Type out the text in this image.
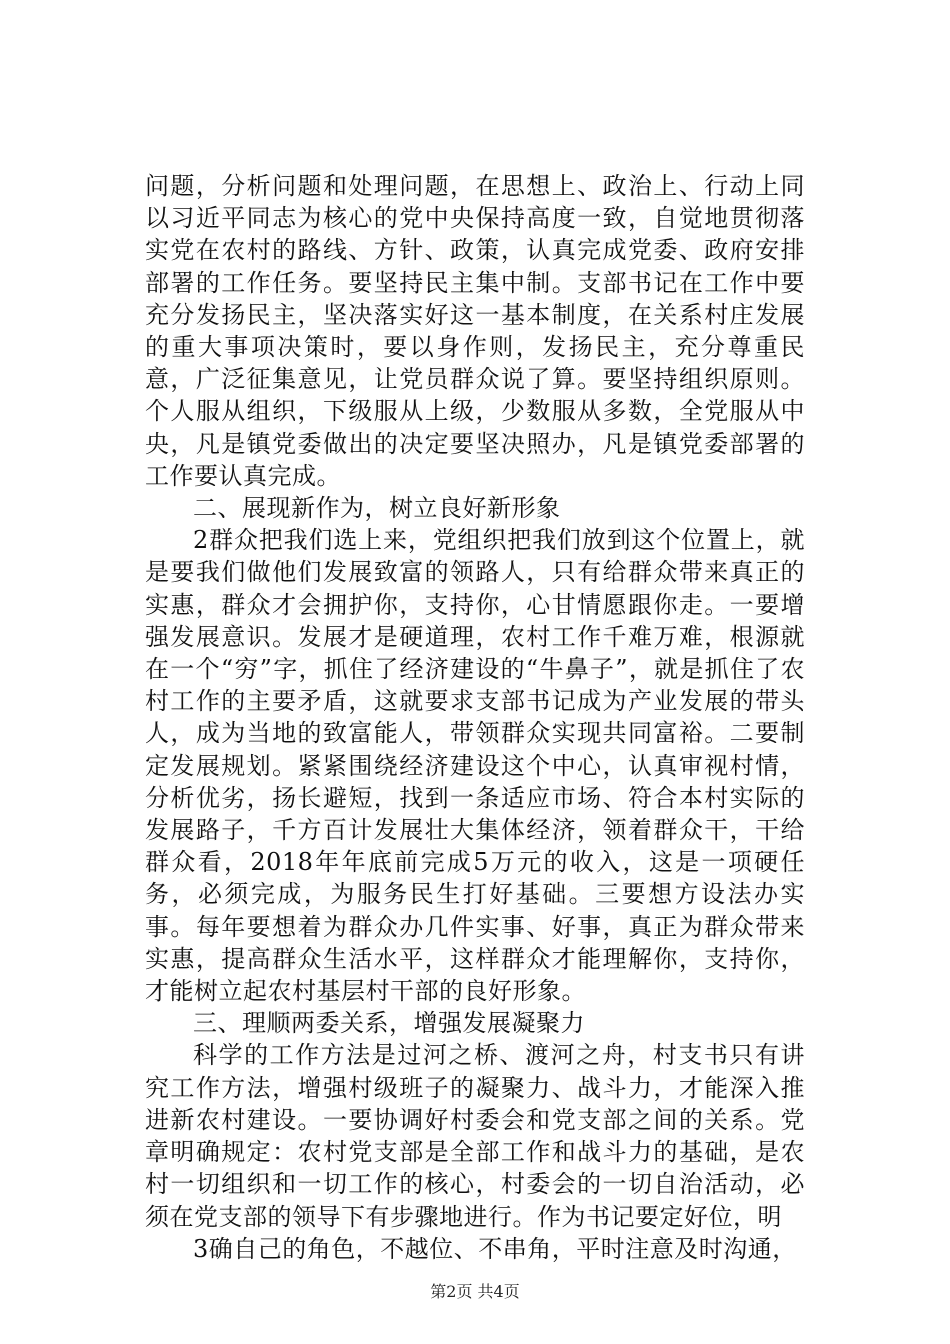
问题，分析问题和处理问题，在思想上、政治上、行动上同以习近平同志为核心的党中央保持高度一致，自觉地贯彻落实党在农村的路线、方针、政策，认真完成党委、政府安排部署的工作任务。要坚持民主集中制。支部书记在工作中要充分发扬民主，坚决落实好这一基本制度，在关系村庄发展的重大事项决策时，要以身作则，发扬民主，充分尊重民意，广泛征集意见，让党员群众说了算。要坚持组织原则。个人服从组织，下级服从上级，少数服从多数，全党服从中央，凡是镇党委做出的决定要坚决照办，凡是镇党委部署的工作要认真完成。

二、展现新作为，树立良好新形象

2群众把我们选上来，党组织把我们放到这个位置上，就是要我们做他们发展致富的领路人，只有给群众带来真正的实惠，群众才会拥护你，支持你，心甘情愿跟你走。一要增强发展意识。发展才是硬道理，农村工作千难万难，根源就在一个“穷”字，抓住了经济建设的“牛鼻子”，就是抓住了农村工作的主要矛盾，这就要求支部书记成为产业发展的带头人，成为当地的致富能人，带领群众实现共同富裕。二要制定发展规划。紧紧围绕经济建设这个中心，认真审视村情，分析优劣，扬长避短，找到一条适应市场、符合本村实际的发展路子，千方百计发展壮大集体经济，领着群众干，干给群众看，2018年年底前完成5万元的收入，这是一项硬任务，必须完成，为服务民生打好基础。三要想方设法办实事。每年要想着为群众办几件实事、好事，真正为群众带来实惠，提高群众生活水平，这样群众才能理解你，支持你，才能树立起农村基层村干部的良好形象。

三、理顺两委关系，增强发展凝聚力

科学的工作方法是过河之桥、渡河之舟，村支书只有讲究工作方法，增强村级班子的凝聚力、战斗力，才能深入推进新农村建设。一要协调好村委会和党支部之间的关系。党章明确规定：农村党支部是全部工作和战斗力的基础，是农村一切组织和一切工作的核心，村委会的一切自治活动，必须在党支部的领导下有步骤地进行。作为书记要定好位，明

3确自己的角色，不越位、不串角，平时注意及时沟通，

第2页 共4页
